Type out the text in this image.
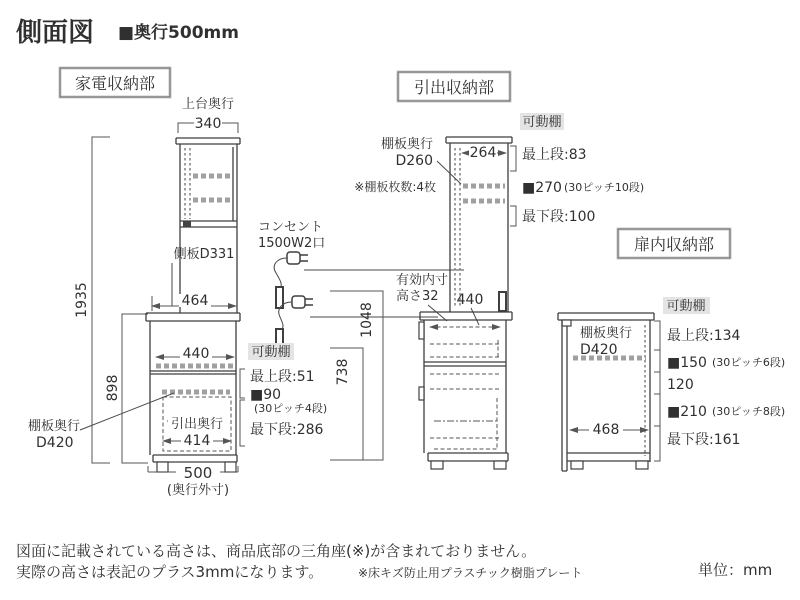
側面図 ■奥行500mm
家電収納部	引出収納部
扉内収納部
1935
898
上台奥行
340
側板D331
464
440
引出奥行
414
棚板奥行
D420
500
(奥行外寸)
コンセント
1500W2口
可動棚
最上段:51
■90
(30ピッチ4段)
最下段:286
1048
738
264
棚板奥行
D260
※棚板枚数:4枚
可動棚
最上段:83
■270 (30ピッチ10段)
最下段:100
有効内寸
高さ32 440
棚板奥行
D420
468
可動棚
最上段:134
■150 (30ピッチ6段)
120
■210 (30ピッチ8段)
最下段:161
図面に記載されている高さは、商品底部の三角座(※)が含まれておりません。
実際の高さは表記のプラス3mmになります。	※床キズ防止用プラスチック樹脂プレート	単位：mm
